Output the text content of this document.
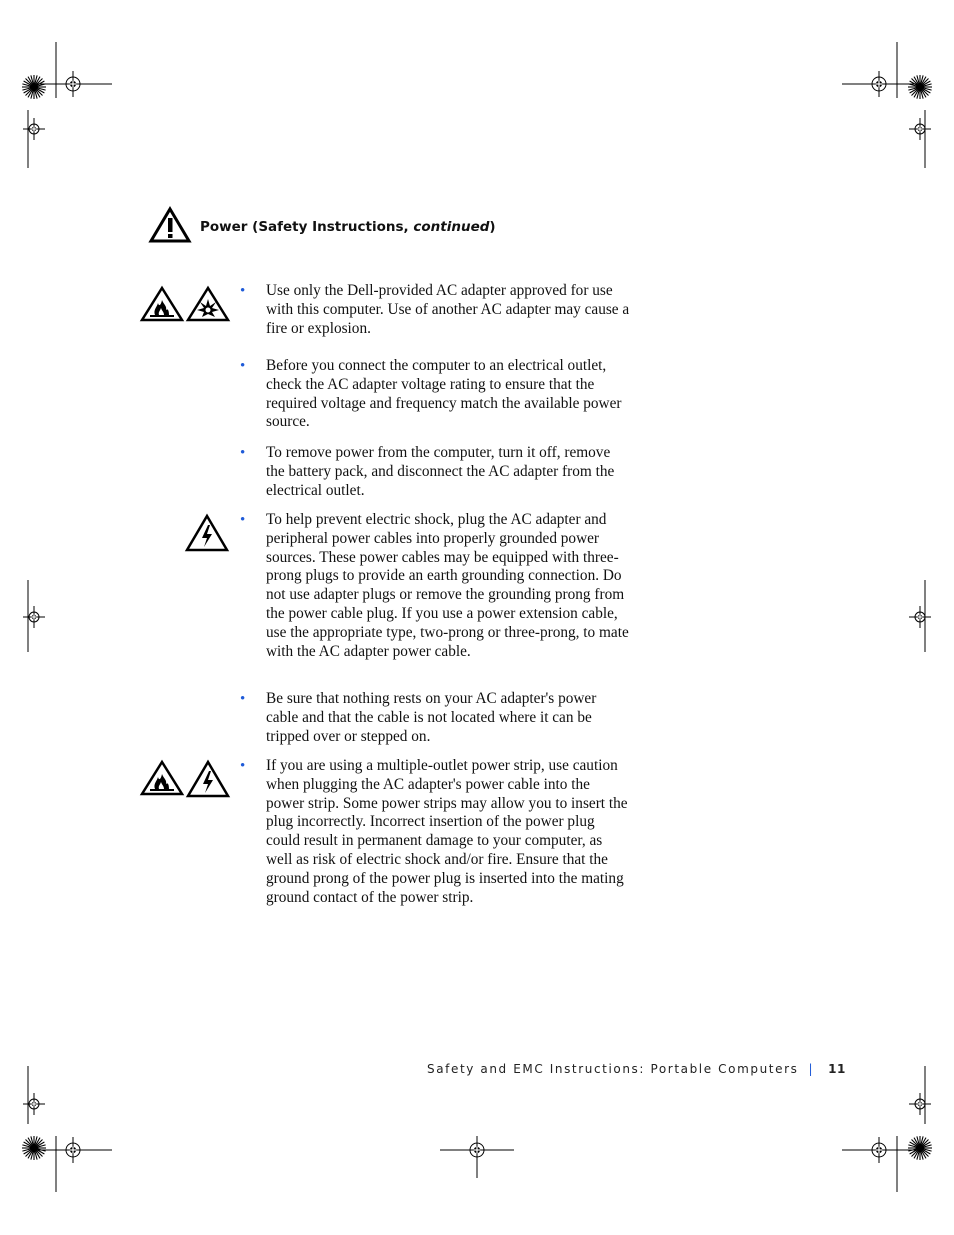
Power (Safety Instructions, continued)
• Use only the Dell-provided AC adapter approved for use with this computer. Use of another AC adapter may cause a fire or explosion.
• Before you connect the computer to an electrical outlet, check the AC adapter voltage rating to ensure that the required voltage and frequency match the available power source.
• To remove power from the computer, turn it off, remove the battery pack, and disconnect the AC adapter from the electrical outlet.
• To help prevent electric shock, plug the AC adapter and peripheral power cables into properly grounded power sources. These power cables may be equipped with three-prong plugs to provide an earth grounding connection. Do not use adapter plugs or remove the grounding prong from the power cable plug. If you use a power extension cable, use the appropriate type, two-prong or three-prong, to mate with the AC adapter power cable.
• Be sure that nothing rests on your AC adapter's power cable and that the cable is not located where it can be tripped over or stepped on.
• If you are using a multiple-outlet power strip, use caution when plugging the AC adapter's power cable into the power strip. Some power strips may allow you to insert the plug incorrectly. Incorrect insertion of the power plug could result in permanent damage to your computer, as well as risk of electric shock and/or fire. Ensure that the ground prong of the power plug is inserted into the mating ground contact of the power strip.
Safety and EMC Instructions: Portable Computers | 11
